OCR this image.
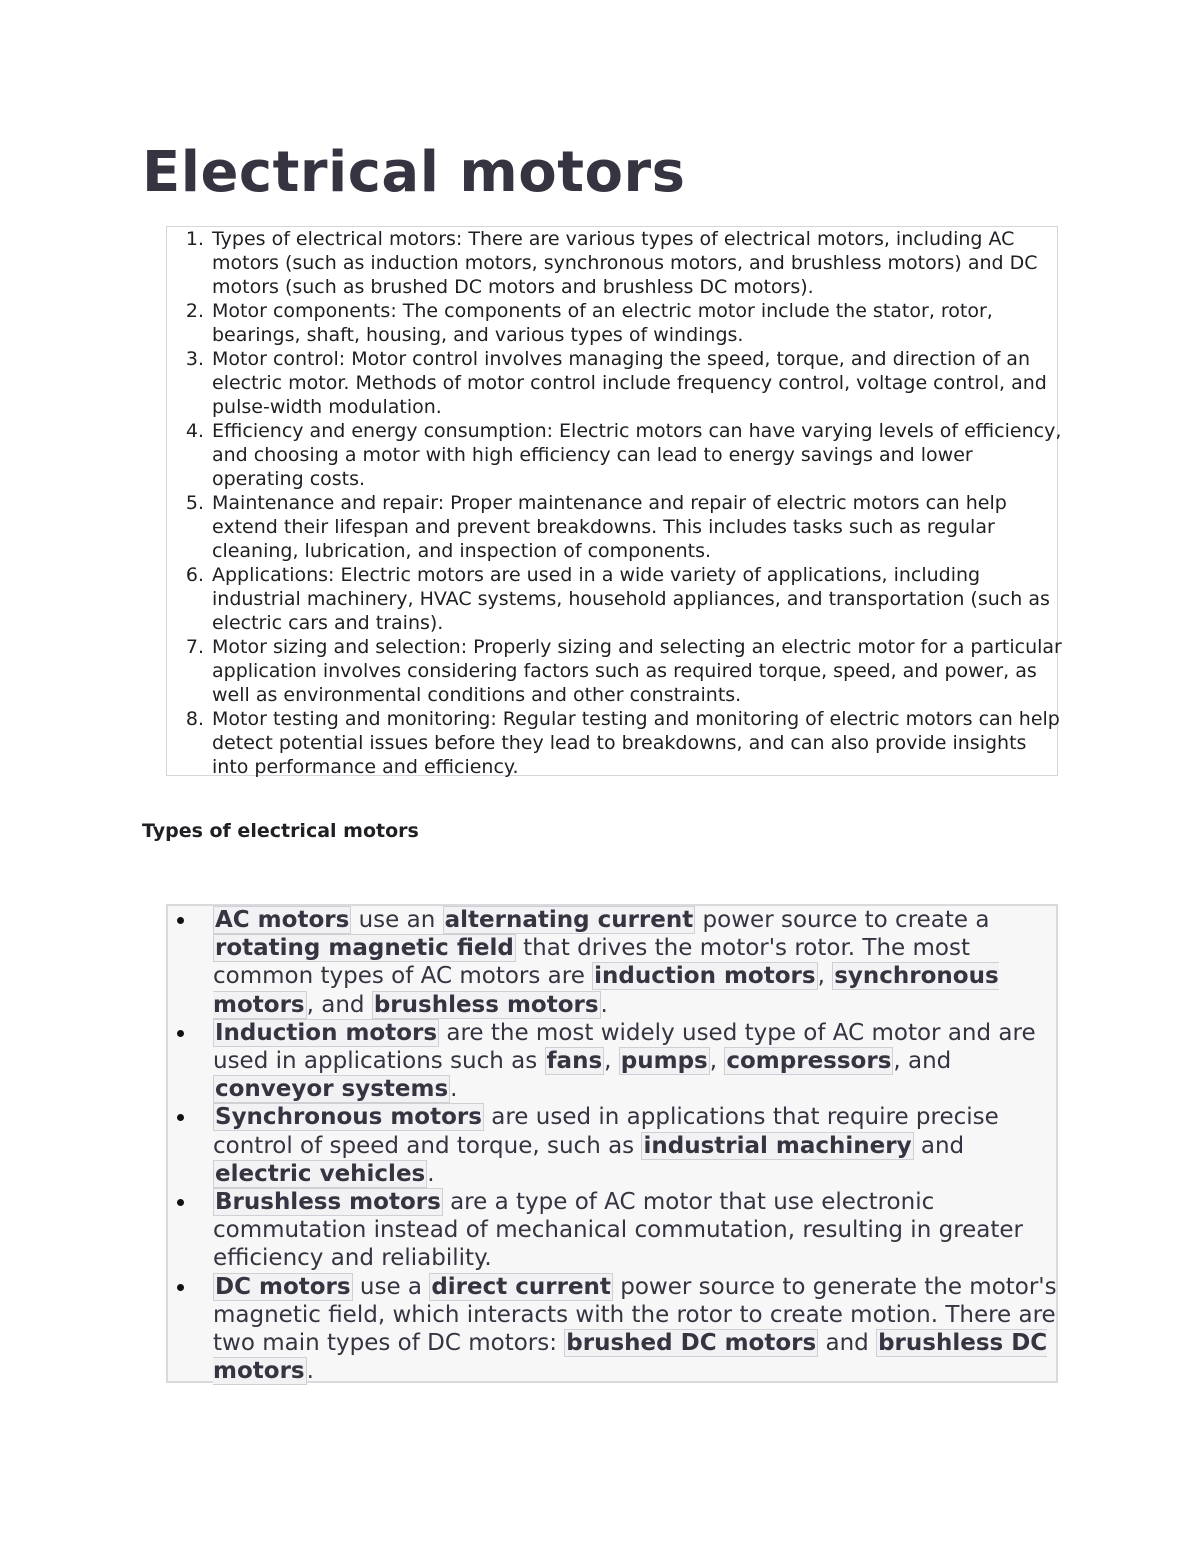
Electrical motors
1. Types of electrical motors: There are various types of electrical motors, including AC motors (such as induction motors, synchronous motors, and brushless motors) and DC motors (such as brushed DC motors and brushless DC motors).
2. Motor components: The components of an electric motor include the stator, rotor, bearings, shaft, housing, and various types of windings.
3. Motor control: Motor control involves managing the speed, torque, and direction of an electric motor. Methods of motor control include frequency control, voltage control, and pulse-width modulation.
4. Efficiency and energy consumption: Electric motors can have varying levels of efficiency, and choosing a motor with high efficiency can lead to energy savings and lower operating costs.
5. Maintenance and repair: Proper maintenance and repair of electric motors can help extend their lifespan and prevent breakdowns. This includes tasks such as regular cleaning, lubrication, and inspection of components.
6. Applications: Electric motors are used in a wide variety of applications, including industrial machinery, HVAC systems, household appliances, and transportation (such as electric cars and trains).
7. Motor sizing and selection: Properly sizing and selecting an electric motor for a particular application involves considering factors such as required torque, speed, and power, as well as environmental conditions and other constraints.
8. Motor testing and monitoring: Regular testing and monitoring of electric motors can help detect potential issues before they lead to breakdowns, and can also provide insights into performance and efficiency.
Types of electrical motors
AC motors use an alternating current power source to create a rotating magnetic field that drives the motor's rotor. The most common types of AC motors are induction motors, synchronous motors, and brushless motors.
Induction motors are the most widely used type of AC motor and are used in applications such as fans, pumps, compressors, and conveyor systems.
Synchronous motors are used in applications that require precise control of speed and torque, such as industrial machinery and electric vehicles.
Brushless motors are a type of AC motor that use electronic commutation instead of mechanical commutation, resulting in greater efficiency and reliability.
DC motors use a direct current power source to generate the motor's magnetic field, which interacts with the rotor to create motion. There are two main types of DC motors: brushed DC motors and brushless DC motors.
